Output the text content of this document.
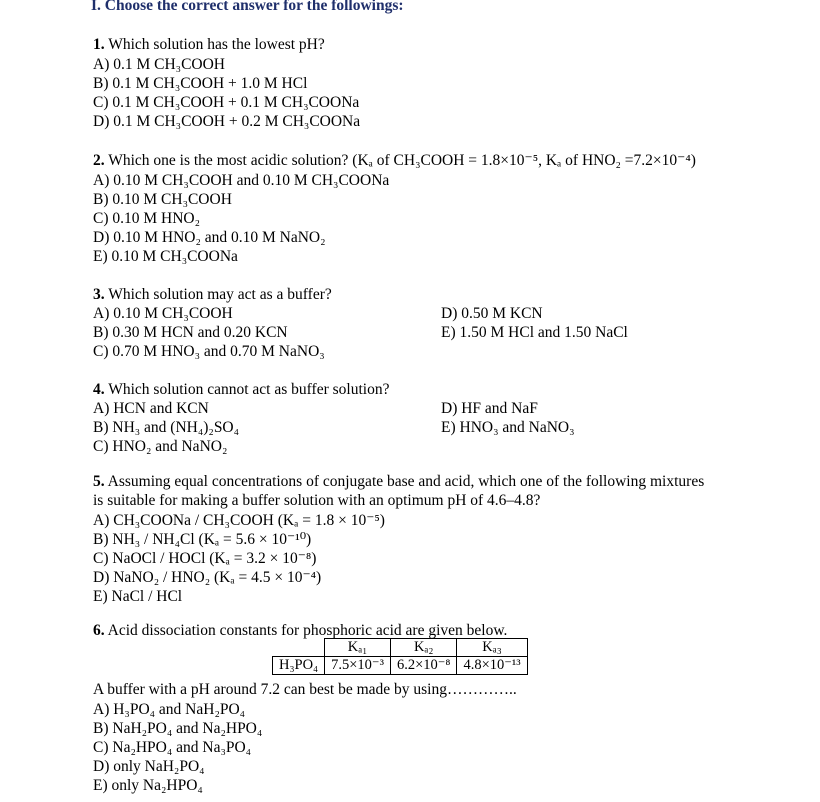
I. Choose the correct answer for the followings:
1. Which solution has the lowest pH?
A) 0.1 M CH₃COOH
B) 0.1 M CH₃COOH + 1.0 M HCl
C) 0.1 M CH₃COOH + 0.1 M CH₃COONa
D) 0.1 M CH₃COOH + 0.2 M CH₃COONa
2. Which one is the most acidic solution? (Kₐ of CH₃COOH = 1.8×10⁻⁵, Kₐ of HNO₂ =7.2×10⁻⁴)
A) 0.10 M CH₃COOH and 0.10 M CH₃COONa
B) 0.10 M CH₃COOH
C) 0.10 M HNO₂
D) 0.10 M HNO₂ and 0.10 M NaNO₂
E) 0.10 M CH₃COONa
3. Which solution may act as a buffer?
A) 0.10 M CH₃COOH
B) 0.30 M HCN and 0.20 KCN
C) 0.70 M HNO₃ and 0.70 M NaNO₃
D) 0.50 M KCN
E) 1.50 M HCl and 1.50 NaCl
4. Which solution cannot act as buffer solution?
A) HCN and KCN
B) NH₃ and (NH₄)₂SO₄
C) HNO₂ and NaNO₂
D) HF and NaF
E) HNO₃ and NaNO₃
5. Assuming equal concentrations of conjugate base and acid, which one of the following mixtures
is suitable for making a buffer solution with an optimum pH of 4.6–4.8?
A) CH₃COONa / CH₃COOH (Kₐ = 1.8 × 10⁻⁵)
B) NH₃ / NH₄Cl (Kₐ = 5.6 × 10⁻¹⁰)
C) NaOCl / HOCl (Kₐ = 3.2 × 10⁻⁸)
D) NaNO₂ / HNO₂ (Kₐ = 4.5 × 10⁻⁴)
E) NaCl / HCl
6. Acid dissociation constants for phosphoric acid are given below.
	Kₐ₁	Kₐ₂	Kₐ₃
H₃PO₄	7.5×10⁻³	6.2×10⁻⁸	4.8×10⁻¹³
A buffer with a pH around 7.2 can best be made by using…………..
A) H₃PO₄ and NaH₂PO₄
B) NaH₂PO₄ and Na₂HPO₄
C) Na₂HPO₄ and Na₃PO₄
D) only NaH₂PO₄
E) only Na₂HPO₄
